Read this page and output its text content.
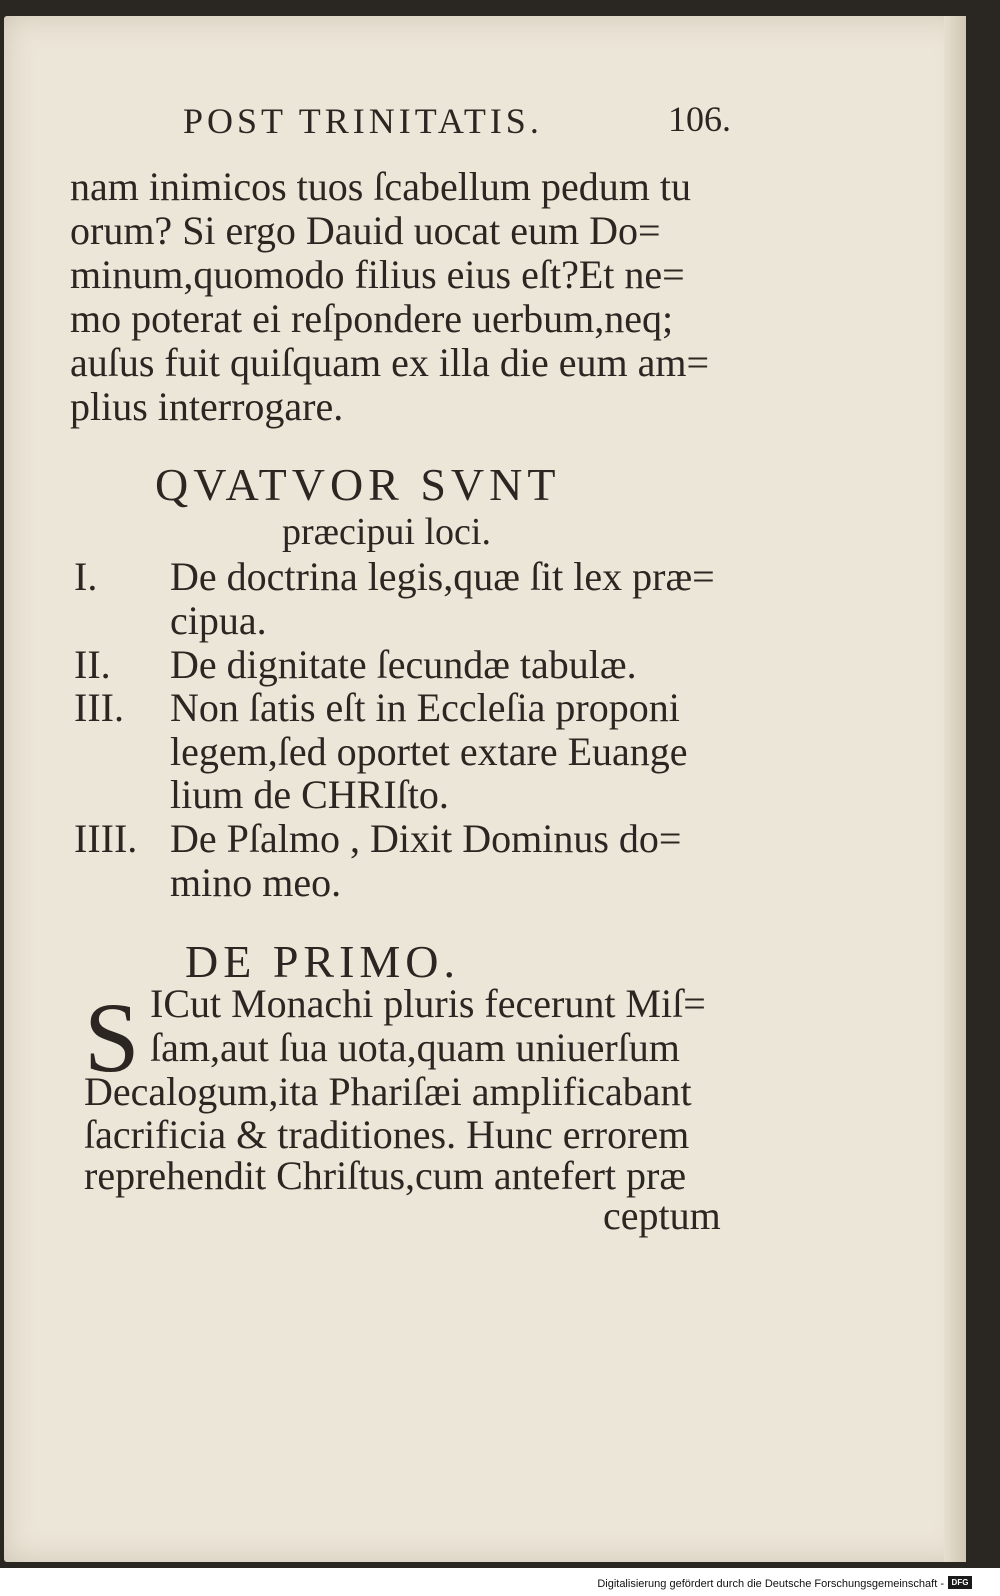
POST TRINITATIS.	106.
nam inimicos tuos ſcabellum pedum tu
orum? Si ergo Dauid uocat eum Do=
minum,quomodo filius eius eſt?Et ne=
mo poterat ei reſpondere uerbum,neq;
auſus fuit quiſquam ex illa die eum am=
plius interrogare.
QVATVOR SVNT
præcipui loci.
I. De doctrina legis,quæ ſit lex præ=
cipua.
II. De dignitate ſecundæ tabulæ.
III. Non ſatis eſt in Eccleſia proponi
legem,ſed oportet extare Euange
lium de CHRIſto.
IIII. De Pſalmo , Dixit Dominus do=
mino meo.
DE PRIMO.
S ICut Monachi pluris fecerunt Miſ=
ſam,aut ſua uota,quam uniuerſum
Decalogum,ita Phariſæi amplificabant
ſacrificia & traditiones. Hunc errorem
reprehendit Chriſtus,cum antefert præ
ceptum
Digitalisierung gefördert durch die Deutsche Forschungsgemeinschaft - DFG
